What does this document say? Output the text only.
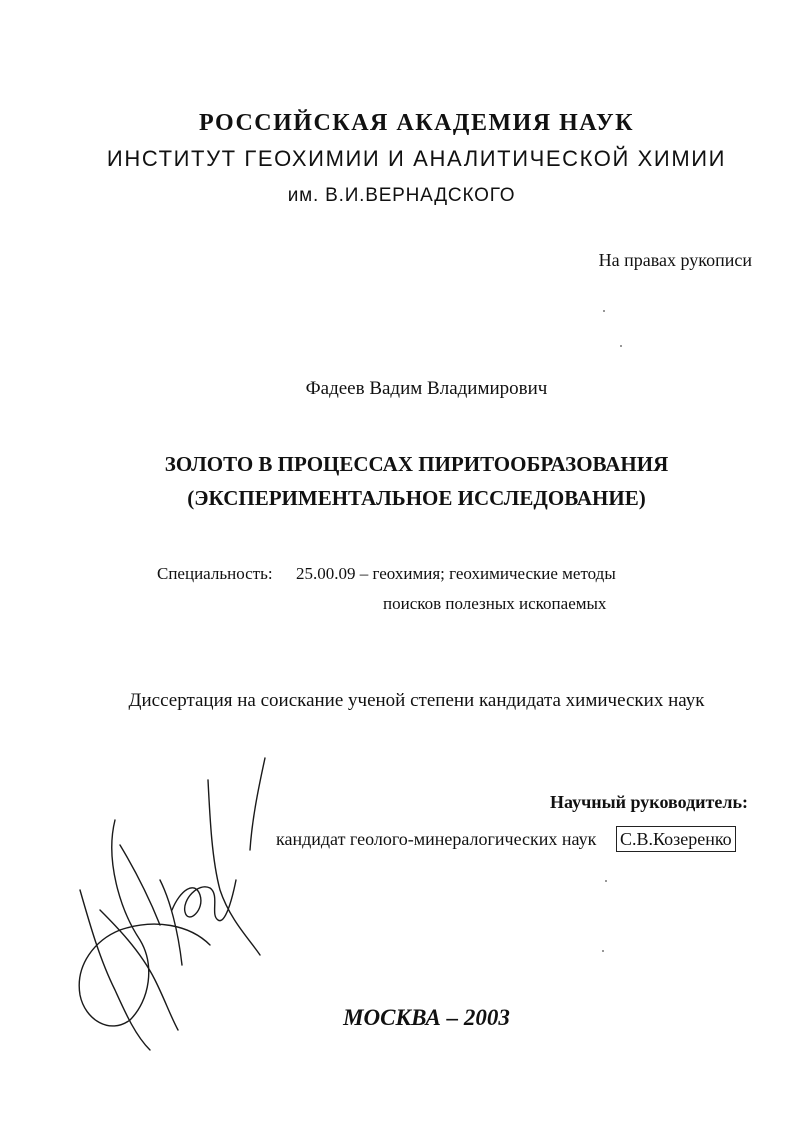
РОССИЙСКАЯ АКАДЕМИЯ НАУК
ИНСТИТУТ ГЕОХИМИИ И АНАЛИТИЧЕСКОЙ ХИМИИ
им. В.И.ВЕРНАДСКОГО
На правах рукописи
Фадеев Вадим Владимирович
ЗОЛОТО В ПРОЦЕССАХ ПИРИТООБРАЗОВАНИЯ
(ЭКСПЕРИМЕНТАЛЬНОЕ ИССЛЕДОВАНИЕ)
Специальность: 25.00.09 – геохимия; геохимические методы
поисков полезных ископаемых
Диссертация на соискание ученой степени кандидата химических наук
Научный руководитель:
кандидат геолого-минералогических наук С.В.Козеренко
МОСКВА – 2003
